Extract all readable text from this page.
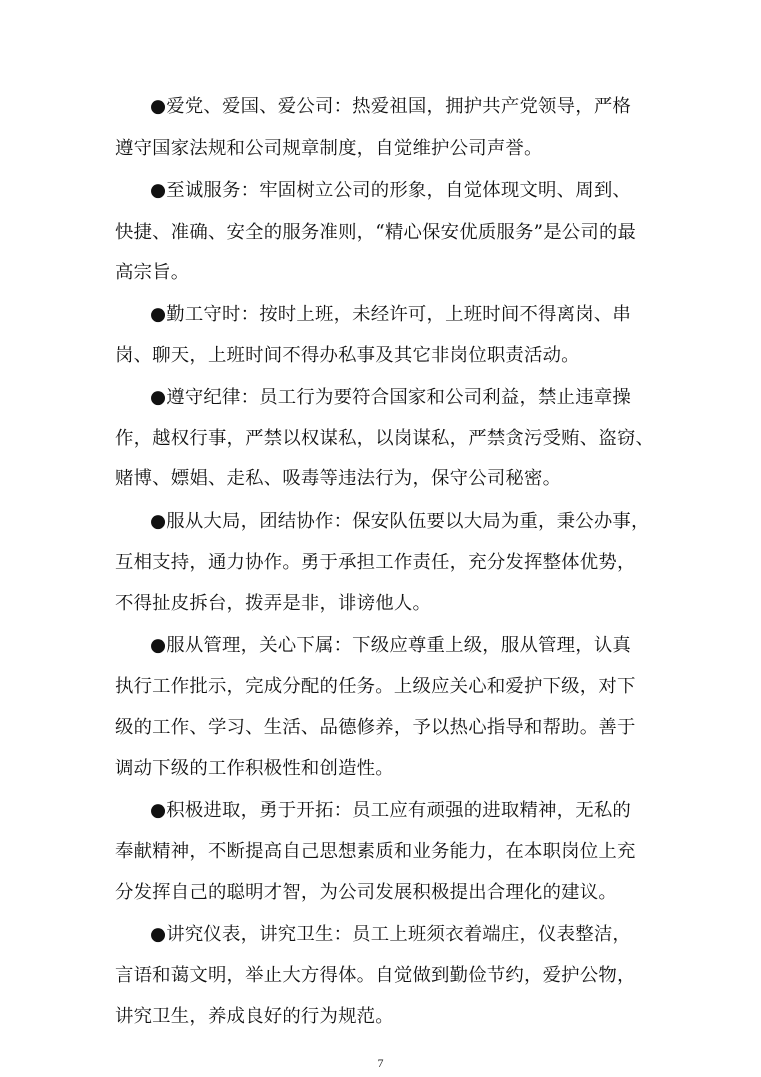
●爱党、爱国、爱公司：热爱祖国，拥护共产党领导，严格
遵守国家法规和公司规章制度，自觉维护公司声誉。
●至诚服务：牢固树立公司的形象，自觉体现文明、周到、
快捷、准确、安全的服务准则，“精心保安优质服务”是公司的最
高宗旨。
●勤工守时：按时上班，未经许可，上班时间不得离岗、串
岗、聊天，上班时间不得办私事及其它非岗位职责活动。
●遵守纪律：员工行为要符合国家和公司利益，禁止违章操
作，越权行事，严禁以权谋私，以岗谋私，严禁贪污受贿、盗窃、
赌博、嫖娼、走私、吸毒等违法行为，保守公司秘密。
●服从大局，团结协作：保安队伍要以大局为重，秉公办事，
互相支持，通力协作。勇于承担工作责任，充分发挥整体优势，
不得扯皮拆台，拨弄是非，诽谤他人。
●服从管理，关心下属：下级应尊重上级，服从管理，认真
执行工作批示，完成分配的任务。上级应关心和爱护下级，对下
级的工作、学习、生活、品德修养，予以热心指导和帮助。善于
调动下级的工作积极性和创造性。
●积极进取，勇于开拓：员工应有顽强的进取精神，无私的
奉献精神，不断提高自己思想素质和业务能力，在本职岗位上充
分发挥自己的聪明才智，为公司发展积极提出合理化的建议。
●讲究仪表，讲究卫生：员工上班须衣着端庄，仪表整洁，
言语和蔼文明，举止大方得体。自觉做到勤俭节约，爱护公物，
讲究卫生，养成良好的行为规范。
7
